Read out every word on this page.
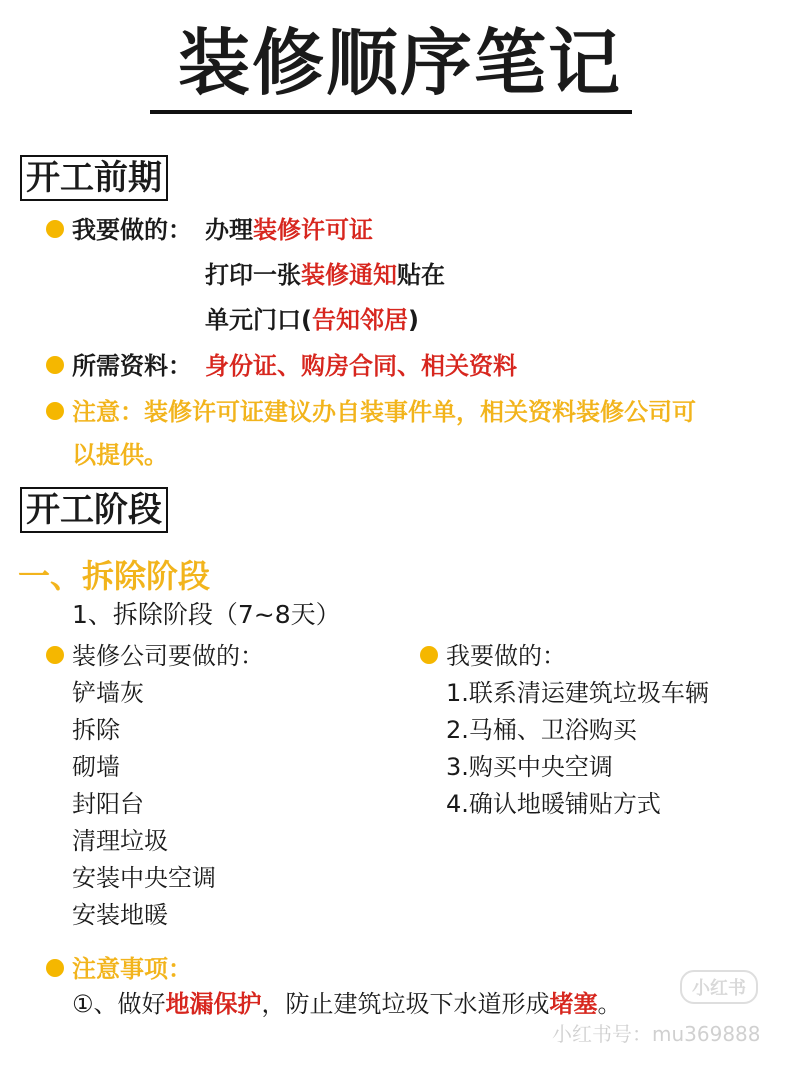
装修顺序笔记
开工前期
我要做的： 办理装修许可证
打印一张装修通知贴在
单元门口(告知邻居)
所需资料： 身份证、购房合同、相关资料
注意：装修许可证建议办自装事件单，相关资料装修公司可
以提供。
开工阶段
一、拆除阶段
1、拆除阶段（7~8天）
装修公司要做的：
铲墙灰
拆除
砌墙
封阳台
清理垃圾
安装中央空调
安装地暖
我要做的：
1.联系清运建筑垃圾车辆
2.马桶、卫浴购买
3.购买中央空调
4.确认地暖铺贴方式
注意事项：
①、做好地漏保护，防止建筑垃圾下水道形成堵塞。
小红书
小红书号：mu369888
